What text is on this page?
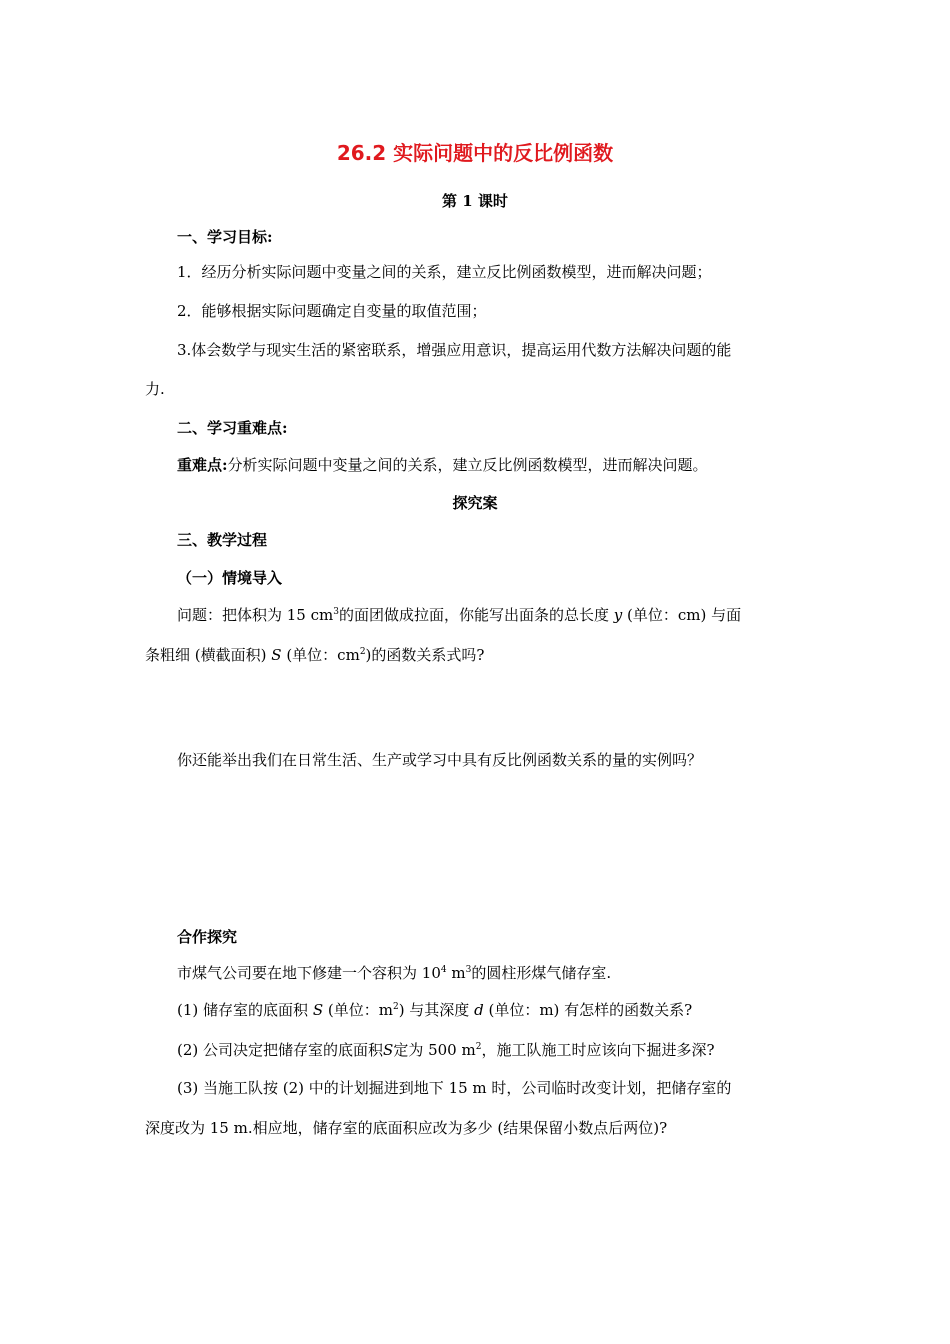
26.2 实际问题中的反比例函数
第 1 课时
一、学习目标:
1．经历分析实际问题中变量之间的关系，建立反比例函数模型，进而解决问题；
2．能够根据实际问题确定自变量的取值范围；
3.体会数学与现实生活的紧密联系，增强应用意识，提高运用代数方法解决问题的能
力.
二、学习重难点:
重难点:分析实际问题中变量之间的关系，建立反比例函数模型，进而解决问题。
探究案
三、教学过程
（一）情境导入
问题：把体积为 15 $cm^3$的面团做成拉面，你能写出面条的总长度 y (单位：cm) 与面
条粗细 (横截面积) S (单位：$cm^2$)的函数关系式吗?
你还能举出我们在日常生活、生产或学习中具有反比例函数关系的量的实例吗？
合作探究
市煤气公司要在地下修建一个容积为 $10^4$ $m^3$的圆柱形煤气储存室.
(1) 储存室的底面积 S (单位：$m^2$) 与其深度 d (单位：m) 有怎样的函数关系?
(2) 公司决定把储存室的底面积S定为 500 $m^2$，施工队施工时应该向下掘进多深?
(3) 当施工队按 (2) 中的计划掘进到地下 15 m 时，公司临时改变计划，把储存室的
深度改为 15 m.相应地，储存室的底面积应改为多少 (结果保留小数点后两位)?
